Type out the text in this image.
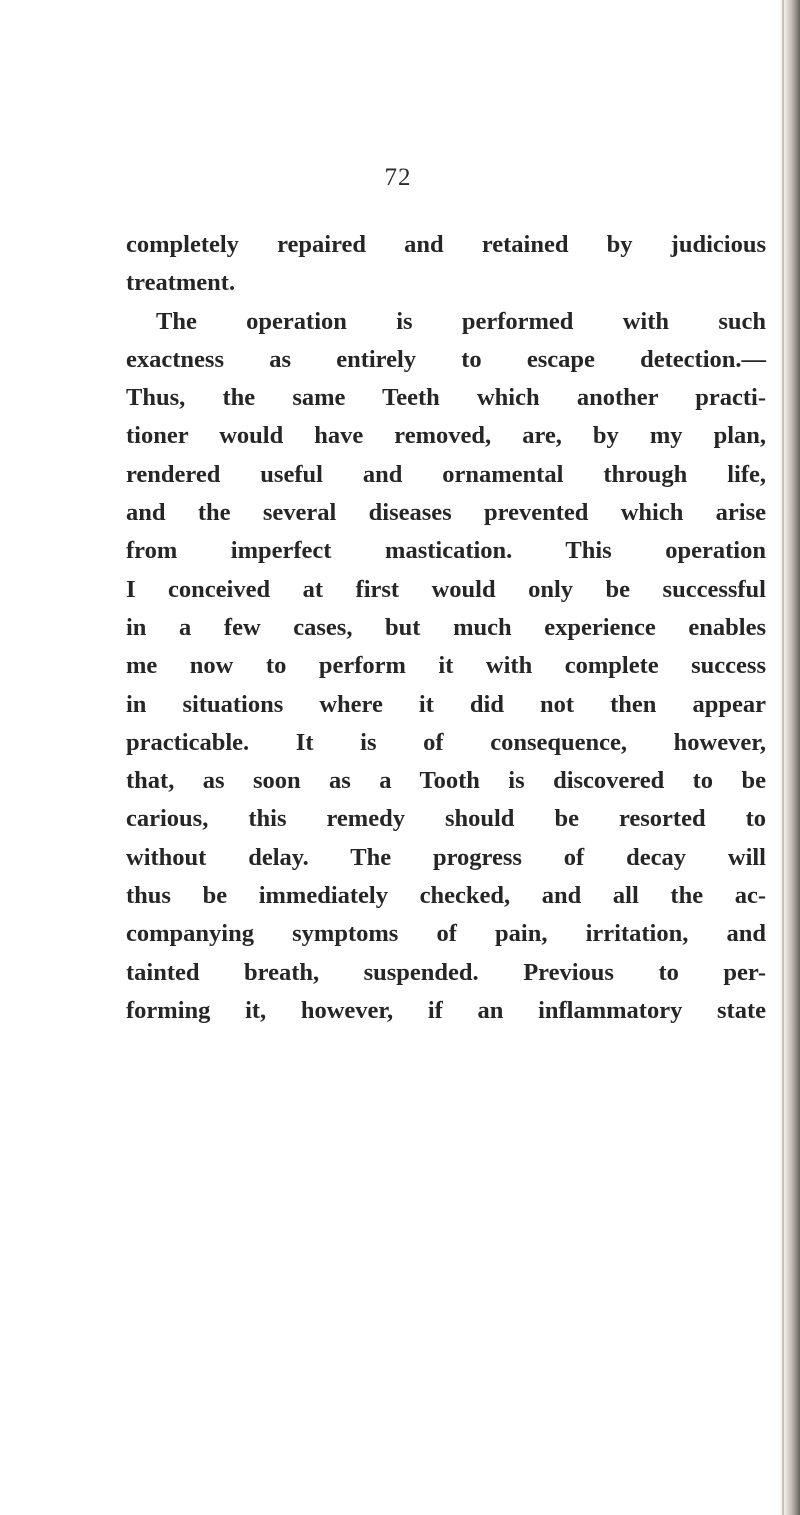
72
completely repaired and retained by judicious
treatment.
The operation is performed with such
exactness as entirely to escape detection.—
Thus, the same Teeth which another practi-
tioner would have removed, are, by my plan,
rendered useful and ornamental through life,
and the several diseases prevented which arise
from imperfect mastication. This operation
I conceived at first would only be successful
in a few cases, but much experience enables
me now to perform it with complete success
in situations where it did not then appear
practicable. It is of consequence, however,
that, as soon as a Tooth is discovered to be
carious, this remedy should be resorted to
without delay. The progress of decay will
thus be immediately checked, and all the ac-
companying symptoms of pain, irritation, and
tainted breath, suspended. Previous to per-
forming it, however, if an inflammatory state
